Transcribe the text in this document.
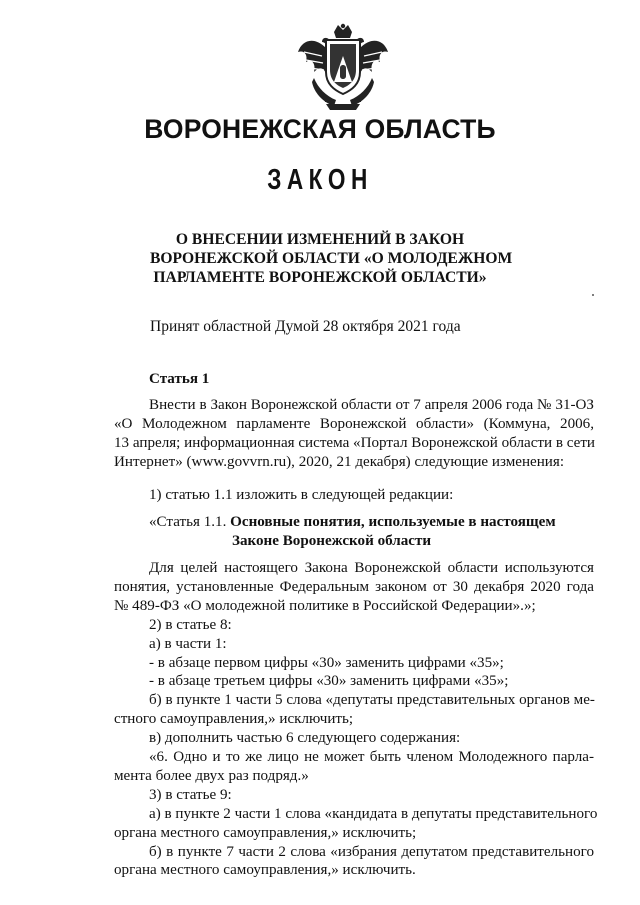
ВОРОНЕЖСКАЯ ОБЛАСТЬ
ЗАКОН
О ВНЕСЕНИИ ИЗМЕНЕНИЙ В ЗАКОН
ВОРОНЕЖСКОЙ ОБЛАСТИ «О МОЛОДЕЖНОМ
ПАРЛАМЕНТЕ ВОРОНЕЖСКОЙ ОБЛАСТИ»
Принят областной Думой 28 октября 2021 года
Статья 1
Внести в Закон Воронежской области от 7 апреля 2006 года № 31-ОЗ
«О Молодежном парламенте Воронежской области» (Коммуна, 2006,
13 апреля; информационная система «Портал Воронежской области в сети
Интернет» (www.govvrn.ru), 2020, 21 декабря) следующие изменения:
1) статью 1.1 изложить в следующей редакции:
«Статья 1.1. Основные понятия, используемые в настоящем
Законе Воронежской области
Для целей настоящего Закона Воронежской области используются
понятия, установленные Федеральным законом от 30 декабря 2020 года
№ 489-ФЗ «О молодежной политике в Российской Федерации».»;
2) в статье 8:
а) в части 1:
- в абзаце первом цифры «30» заменить цифрами «35»;
- в абзаце третьем цифры «30» заменить цифрами «35»;
б) в пункте 1 части 5 слова «депутаты представительных органов ме-
стного самоуправления,» исключить;
в) дополнить частью 6 следующего содержания:
«6. Одно и то же лицо не может быть членом Молодежного парла-
мента более двух раз подряд.»
3) в статье 9:
а) в пункте 2 части 1 слова «кандидата в депутаты представительного
органа местного самоуправления,» исключить;
б) в пункте 7 части 2 слова «избрания депутатом представительного
органа местного самоуправления,» исключить.
